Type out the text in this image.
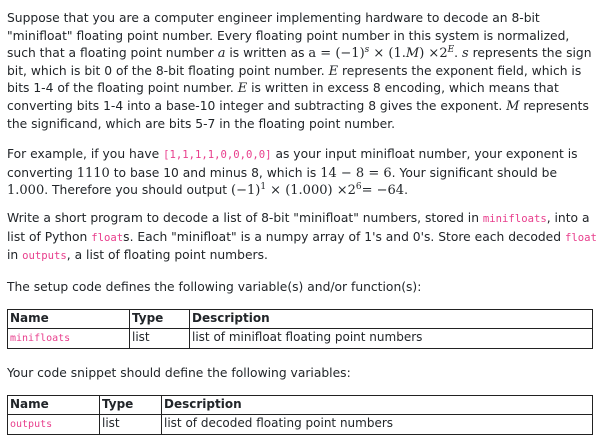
Suppose that you are a computer engineer implementing hardware to decode an 8-bit "minifloat" floating point number. Every floating point number in this system is normalized, such that a floating point number a is written as $a = (-1)^s \times (1.M) \times 2^E$. s represents the sign bit, which is bit 0 of the 8-bit floating point number. E represents the exponent field, which is bits 1-4 of the floating point number. E is written in excess 8 encoding, which means that converting bits 1-4 into a base-10 integer and subtracting 8 gives the exponent. M represents the significand, which are bits 5-7 in the floating point number.

For example, if you have [1,1,1,1,0,0,0,0] as your input minifloat number, your exponent is converting 1110 to base 10 and minus 8, which is 14 − 8 = 6. Your significant should be 1.000. Therefore you should output $(-1)^1 \times (1.000) \times 2^6= -64$.

Write a short program to decode a list of 8-bit "minifloat" numbers, stored in minifloats, into a list of Python floats. Each "minifloat" is a numpy array of 1's and 0's. Store each decoded float in outputs, a list of floating point numbers.

The setup code defines the following variable(s) and/or function(s):

Name	Type	Description
minifloats	list	list of minifloat floating point numbers

Your code snippet should define the following variables:

Name	Type	Description
outputs	list	list of decoded floating point numbers
